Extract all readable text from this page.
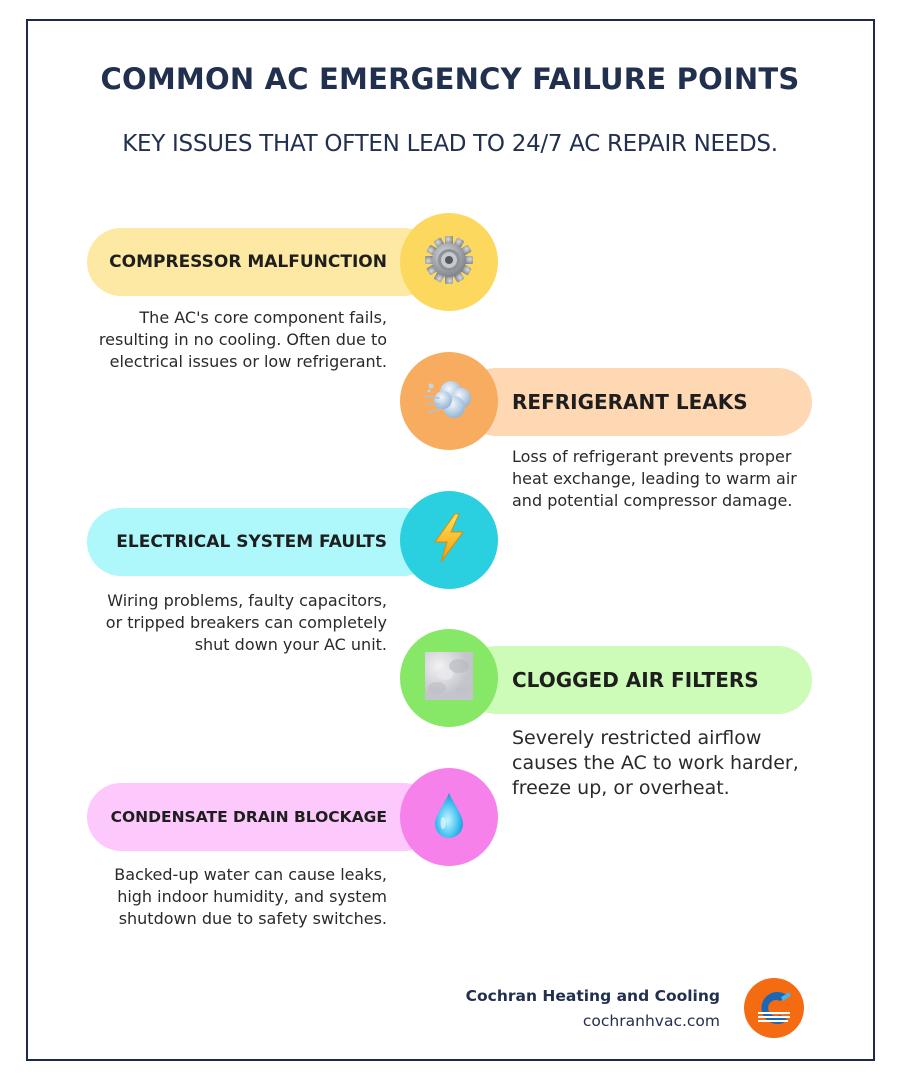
COMMON AC EMERGENCY FAILURE POINTS
KEY ISSUES THAT OFTEN LEAD TO 24/7 AC REPAIR NEEDS.
COMPRESSOR MALFUNCTION
The AC's core component fails, resulting in no cooling. Often due to electrical issues or low refrigerant.
REFRIGERANT LEAKS
Loss of refrigerant prevents proper heat exchange, leading to warm air and potential compressor damage.
ELECTRICAL SYSTEM FAULTS
Wiring problems, faulty capacitors, or tripped breakers can completely shut down your AC unit.
CLOGGED AIR FILTERS
Severely restricted airflow causes the AC to work harder, freeze up, or overheat.
CONDENSATE DRAIN BLOCKAGE
Backed-up water can cause leaks, high indoor humidity, and system shutdown due to safety switches.
Cochran Heating and Cooling
cochranhvac.com
